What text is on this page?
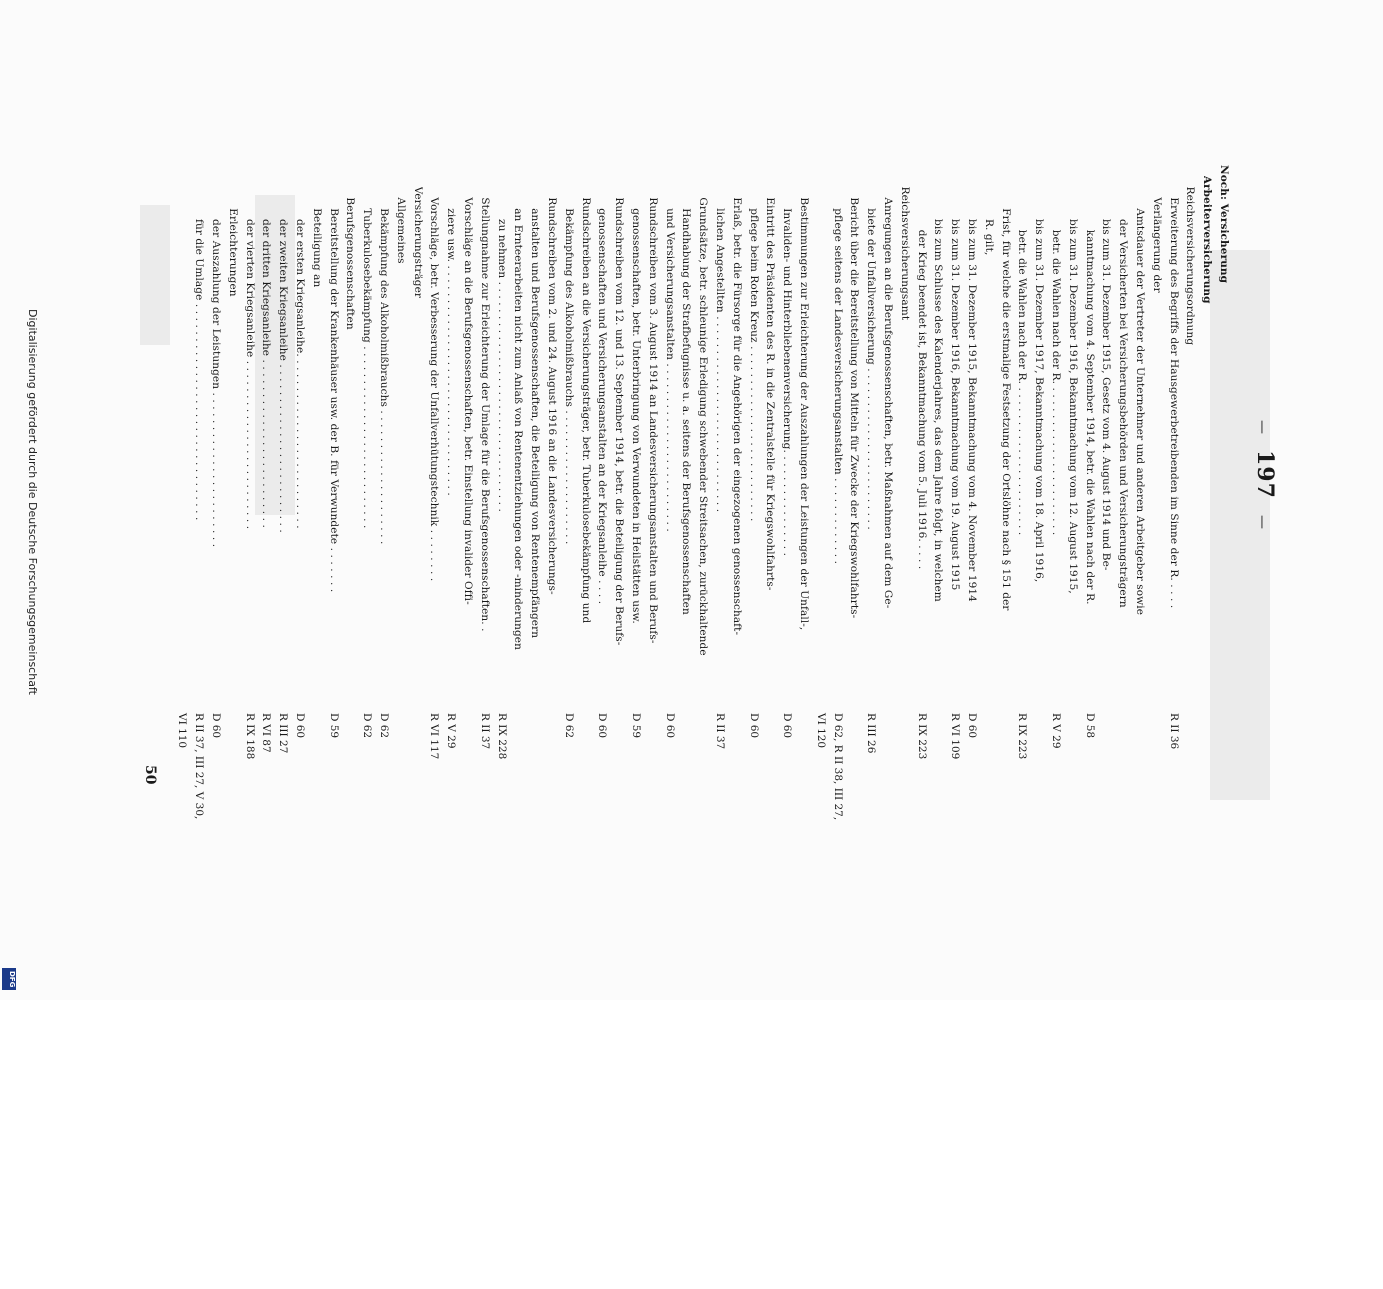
—197—
Noch: Versicherung
Arbeiterversicherung
Reichsversicherungsordnung
Erweiterung des Begriffs der Hausgewerbetreibenden im Sinne der R. . . . .
R II 36
Verlängerung der
Amtsdauer der Vertreter der Unternehmer und anderen Arbeitgeber sowie
der Versicherten bei Versicherungsbehörden und Versicherungsträgern
bis zum 31. Dezember 1915, Gesetz vom 4. August 1914 und Be-
kanntmachung vom 4. September 1914, betr. die Wahlen nach der R.
D 58
bis zum 31. Dezember 1916, Bekanntmachung vom 12. August 1915,
betr. die Wahlen nach der R. . . . . . . . . . . . . . . . . . . . . . .
R V 29
bis zum 31. Dezember 1917, Bekanntmachung vom 18. April 1916,
betr. die Wahlen nach der R. . . . . . . . . . . . . . . . . . . . . . .
R IX 223
Frist, für welche die erstmalige Festsetzung der Ortslöhne nach § 151 der
R. gilt,
bis zum 31. Dezember 1915, Bekanntmachung vom 4. November 1914
D 60
bis zum 31. Dezember 1916, Bekanntmachung vom 19. August 1915
R VI 109
bis zum Schlusse des Kalenderjahres, das dem Jahre folgt, in welchem
der Krieg beendet ist, Bekanntmachung vom 5. Juli 1916. . . . .
R IX 223
Reichsversicherungsamt
Anregungen an die Berufsgenossenschaften, betr. Maßnahmen auf dem Ge-
biete der Unfallversicherung . . . . . . . . . . . . . . . . . . . . . . . .
R III 26
Bericht über die Bereitstellung von Mitteln für Zwecke der Kriegswohlfahrts-
pflege seitens der Landesversicherungsanstalten . . . . . . . . . . . . .
D 62, R II 38, III 27,
VI 120
Bestimmungen zur Erleichterung der Auszahlungen der Leistungen der Unfall-,
Invaliden- und Hinterbliebenenversicherung. . . . . . . . . . . . . . . .
D 60
Eintritt des Präsidenten des R. in die Zentralstelle für Kriegswohlfahrts-
pflege beim Roten Kreuz . . . . . . . . . . . . . . . . . . . . . . . . . .
D 60
Erlaß, betr. die Fürsorge für die Angehörigen der eingezogenen genossenschaft-
lichen Angestellten . . . . . . . . . . . . . . . . . . . . . . . . . . . . .
R II 37
Grundsätze, betr. schleunige Erledigung schwebender Streitsachen, zurückhaltende
Handhabung der Strafbefugnisse u. a. seitens der Berufsgenossenschaften
und Versicherungsanstalten . . . . . . . . . . . . . . . . . . . . . . . . .
D 60
Rundschreiben vom 3. August 1914 an Landesversicherungsanstalten und Berufs-
genossenschaften, betr. Unterbringung von Verwundeten in Heilstätten usw.
D 59
Rundschreiben vom 12. und 13. September 1914, betr. die Beteiligung der Berufs-
genossenschaften und Versicherungsanstalten an der Kriegsanleihe . . . .
D 60
Rundschreiben an die Versicherungsträger, betr. Tuberkulosebekämpfung und
Bekämpfung des Alkoholmißbrauchs . . . . . . . . . . . . . . . . . . . .
D 62
Rundschreiben vom 2. und 24. August 1916 an die Landesversicherungs-
anstalten und Berufsgenossenschaften, die Beteiligung von Rentenempfängern
an Ernteerarbeiten nicht zum Anlaß von Rentenentziehungen oder -minderungen
zu nehmen . . . . . . . . . . . . . . . . . . . . . . . . . . . . . . . . . .
R IX 228
Stellungnahme zur Erleichterung der Umlage für die Berufsgenossenschaften. .
R II 37
Vorschläge an die Berufsgenossenschaften, betr. Einstellung invalider Offi-
ziere usw. . . . . . . . . . . . . . . . . . . . . . . . . . . . . . . . . . .
R V 29
Vorschläge, betr. Verbesserung der Unfallverhütungstechnik . . . . . . . .
R VI 117
Versicherungsträger
Allgemeines
Bekämpfung des Alkoholmißbrauchs . . . . . . . . . . . . . . . . . . . .
D 62
Tuberkulosebekämpfung . . . . . . . . . . . . . . . . . . . . . . . . . . .
D 62
Berufsgenossenschaften
Bereitstellung der Krankenhäuser usw. der B. für Verwundete . . . . . . .
D 59
Beteiligung an
der ersten Kriegsanleihe. . . . . . . . . . . . . . . . . . . . . . . . . .
D 60
der zweiten Kriegsanleihe . . . . . . . . . . . . . . . . . . . . . . . . .
R III 27
der dritten Kriegsanleihe . . . . . . . . . . . . . . . . . . . . . . . . .
R VI 87
der vierten Kriegsanleihe . . . . . . . . . . . . . . . . . . . . . . . . .
R IX 188
Erleichterungen
der Auszahlung der Leistungen . . . . . . . . . . . . . . . . . . . . . . .
D 60
für die Umlage . . . . . . . . . . . . . . . . . . . . . . . . . . . . . . . .
R II 37, III 27, V 30,
VI 110
50
Digitalisierung gefördert durch die Deutsche Forschungsgemeinschaft
DFG
